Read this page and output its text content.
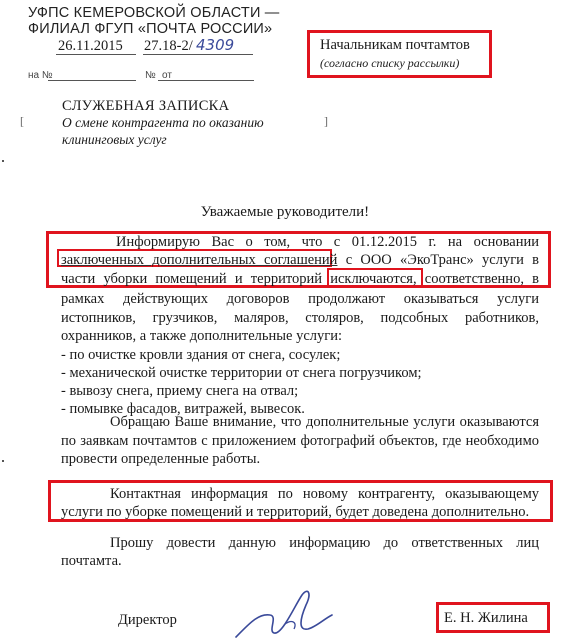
УФПС КЕМЕРОВСКОЙ ОБЛАСТИ —
ФИЛИАЛ ФГУП «ПОЧТА РОССИИ»
26.11.2015 27.18-2/ 4309
на №	№ от
Начальникам почтамтов
(согласно списку рассылки)
СЛУЖЕБНАЯ ЗАПИСКА
[	]
О смене контрагента по оказанию
клининговых услуг
Уважаемые руководители!
Информирую Вас о том, что с 01.12.2015 г. на основании
заключенных дополнительных соглашений с ООО «ЭкоТранс» услуги в
части уборки помещений и территорий исключаются, соответственно, в
рамках действующих договоров продолжают оказываться услуги
истопников, грузчиков, маляров, столяров, подсобных работников,
охранников, а также дополнительные услуги:
- по очистке кровли здания от снега, сосулек;
- механической очистке территории от снега погрузчиком;
- вывозу снега, приему снега на отвал;
- помывке фасадов, витражей, вывесок.
Обращаю Ваше внимание, что дополнительные услуги оказываются
по заявкам почтамтов с приложением фотографий объектов, где необходимо
провести определенные работы.
Контактная информация по новому контрагенту, оказывающему
услуги по уборке помещений и территорий, будет доведена дополнительно.
Прошу довести данную информацию до ответственных лиц
почтамта.
Директор	Е. Н. Жилина
